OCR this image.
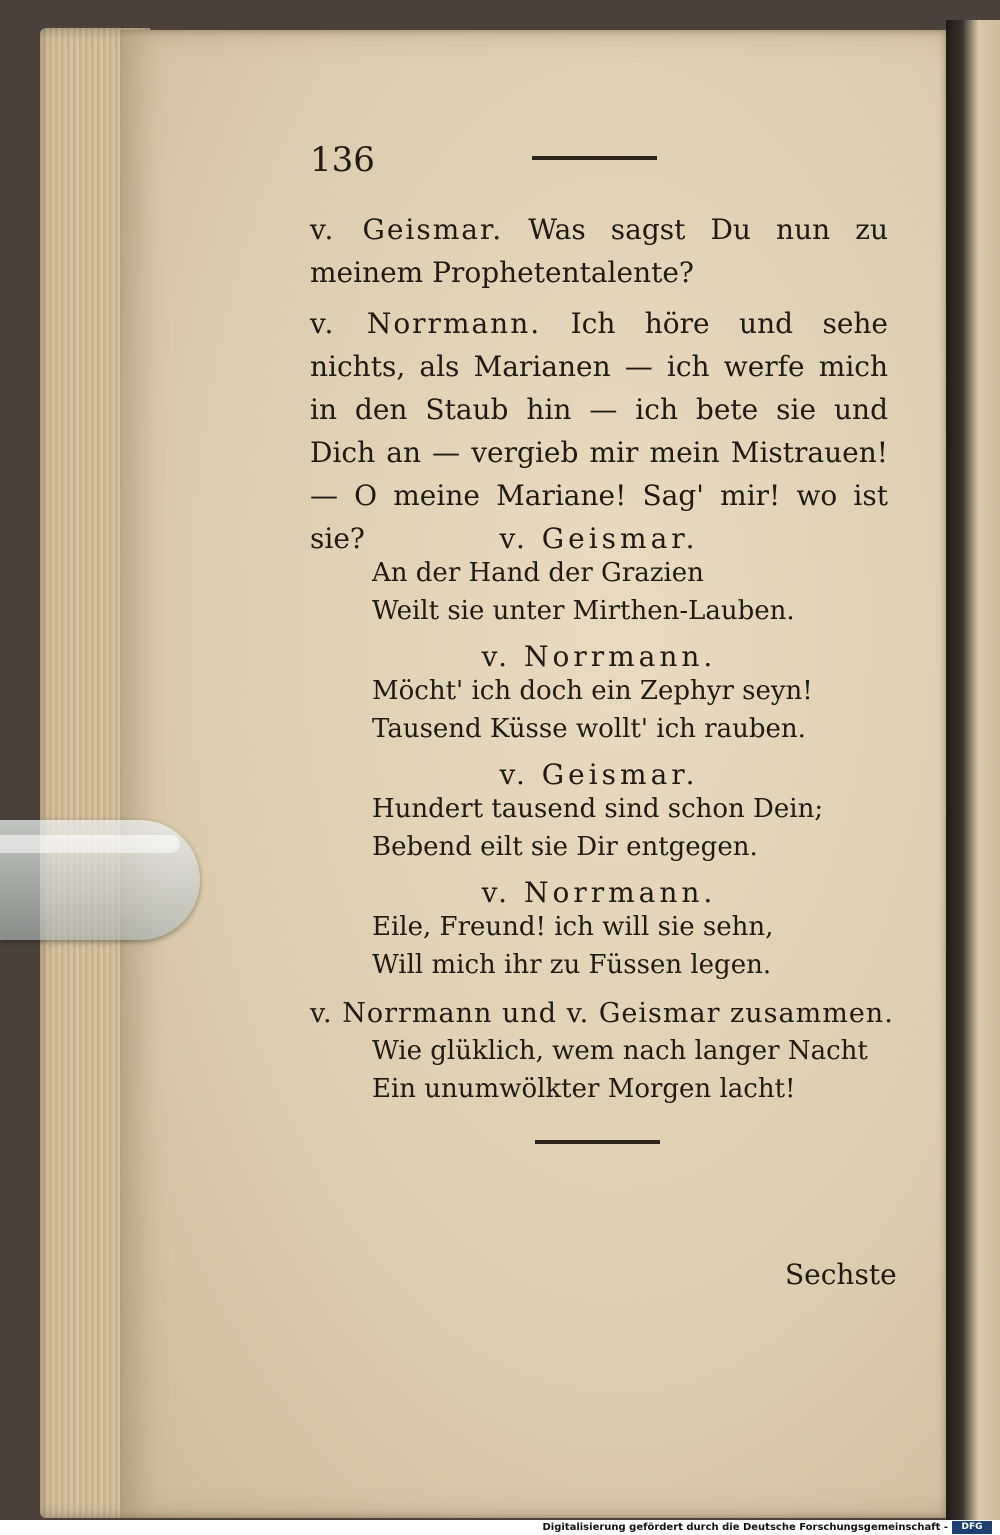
136

v. Geismar. Was sagst Du nun zu meinem Prophetentalente?

v. Norrmann. Ich höre und sehe nichts, als Marianen — ich werfe mich in den Staub hin — ich bete sie und Dich an — vergieb mir mein Mistrauen! — O meine Mariane! Sag' mir! wo ist sie?	v. Geismar.
An der Hand der Grazien
Weilt sie unter Mirthen-Lauben.
v. Norrmann.
Möcht' ich doch ein Zephyr seyn!
Tausend Küsse wollt' ich rauben.
v. Geismar.
Hundert tausend sind schon Dein;
Bebend eilt sie Dir entgegen.
v. Norrmann.
Eile, Freund! ich will sie sehn,
Will mich ihr zu Füssen legen.
v. Norrmann und v. Geismar zusammen.
Wie glüklich, wem nach langer Nacht
Ein unumwölkter Morgen lacht!
Sechste
Digitalisierung gefördert durch die Deutsche Forschungsgemeinschaft -	DFG
